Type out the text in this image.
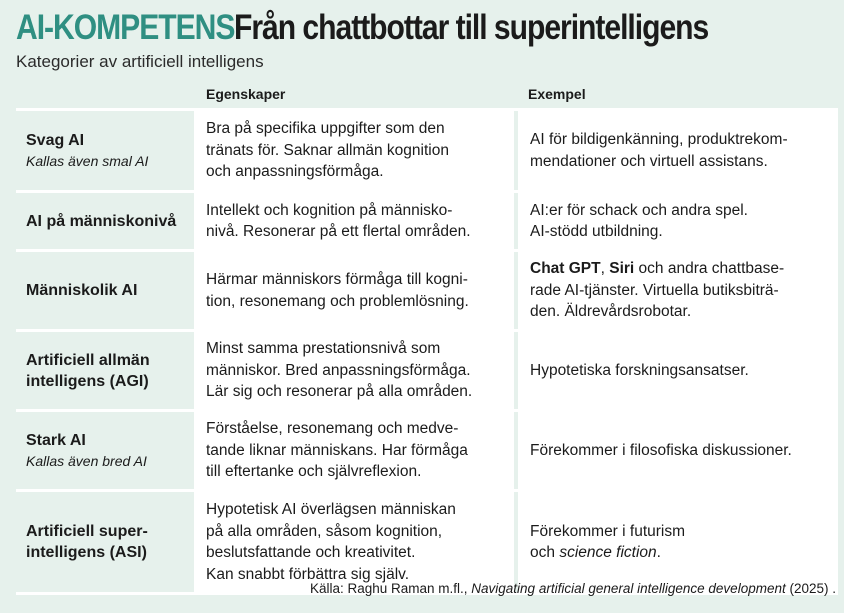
AI-KOMPETENS Från chattbottar till superintelligens
Kategorier av artificiell intelligens
Egenskaper	Exempel
Svag AI
Kallas även smal AI
Bra på specifika uppgifter som den
tränats för. Saknar allmän kognition
och anpassningsförmåga.
AI för bildigenkänning, produktrekom-
mendationer och virtuell assistans.
AI på människonivå
Intellekt och kognition på människo-
nivå. Resonerar på ett flertal områden.
AI:er för schack och andra spel.
AI-stödd utbildning.
Människolik AI
Härmar människors förmåga till kogni-
tion, resonemang och problemlösning.
Chat GPT, Siri och andra chattbase-
rade AI-tjänster. Virtuella butiksbiträ-
den. Äldrevårdsrobotar.
Artificiell allmän
intelligens (AGI)
Minst samma prestationsnivå som
människor. Bred anpassningsförmåga.
Lär sig och resonerar på alla områden.
Hypotetiska forskningsansatser.
Stark AI
Kallas även bred AI
Förståelse, resonemang och medve-
tande liknar människans. Har förmåga
till eftertanke och självreflexion.
Förekommer i filosofiska diskussioner.
Artificiell super-
intelligens (ASI)
Hypotetisk AI överlägsen människan
på alla områden, såsom kognition,
beslutsfattande och kreativitet.
Kan snabbt förbättra sig själv.
Förekommer i futurism
och science fiction.
Källa: Raghu Raman m.fl., Navigating artificial general intelligence development (2025) .
